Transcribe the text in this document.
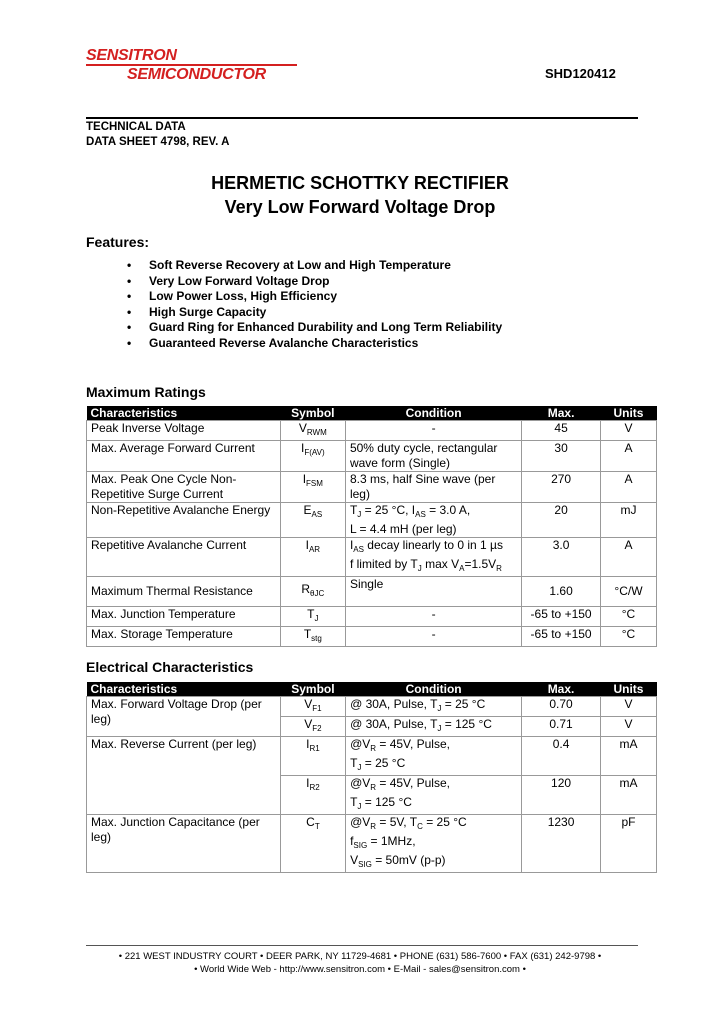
SENSITRON
SEMICONDUCTOR	SHD120412
TECHNICAL DATA
DATA SHEET 4798, REV. A
HERMETIC SCHOTTKY RECTIFIER
Very Low Forward Voltage Drop
Features:
• Soft Reverse Recovery at Low and High Temperature
• Very Low Forward Voltage Drop
• Low Power Loss, High Efficiency
• High Surge Capacity
• Guard Ring for Enhanced Durability and Long Term Reliability
• Guaranteed Reverse Avalanche Characteristics
Maximum Ratings
Characteristics	Symbol	Condition	Max.	Units
Peak Inverse Voltage	$V_{RWM}$	-	45	V
Max. Average Forward Current	$I_{F(AV)}$	50% duty cycle, rectangular wave form (Single)	30	A
Max. Peak One Cycle Non-Repetitive Surge Current	$I_{FSM}$	8.3 ms, half Sine wave (per leg)	270	A
Non-Repetitive Avalanche Energy	$E_{AS}$	$T_J = 25$ °C, $I_{AS} = 3.0$ A,
L = 4.4 mH (per leg)	20	mJ
Repetitive Avalanche Current	$I_{AR}$	$I_{AS}$ decay linearly to 0 in 1 µs
f limited by $T_J$ $\max V_A=1.5V_R$	3.0	A
Maximum Thermal Resistance	$R_{\theta JC}$	Single	1.60	°C/W
Max. Junction Temperature	$T_J$	-	-65 to +150	°C
Max. Storage Temperature	$T_{stg}$	-	-65 to +150	°C
Electrical Characteristics
Characteristics	Symbol	Condition	Max.	Units
Max. Forward Voltage Drop (per leg)	$V_{F1}$	@ 30A, Pulse, $T_J = 25$ °C	0.70	V
	$V_{F2}$	@ 30A, Pulse, $T_J = 125$ °C	0.71	V
Max. Reverse Current (per leg)	$I_{R1}$	$@V_R = 45V$, Pulse,
$T_J = 25$ °C	0.4	mA
	$I_{R2}$	$@V_R = 45V$, Pulse,
$T_J = 125$ °C	120	mA
Max. Junction Capacitance (per leg)	$C_T$	$@V_R = 5V$, $T_C = 25$ °C
$f_{SIG} = 1MHz$,
$V_{SIG} = 50mV$ (p-p)	1230	pF
• 221 WEST INDUSTRY COURT • DEER PARK, NY 11729-4681 • PHONE (631) 586-7600 • FAX (631) 242-9798 •
• World Wide Web - http://www.sensitron.com • E-Mail - sales@sensitron.com •
